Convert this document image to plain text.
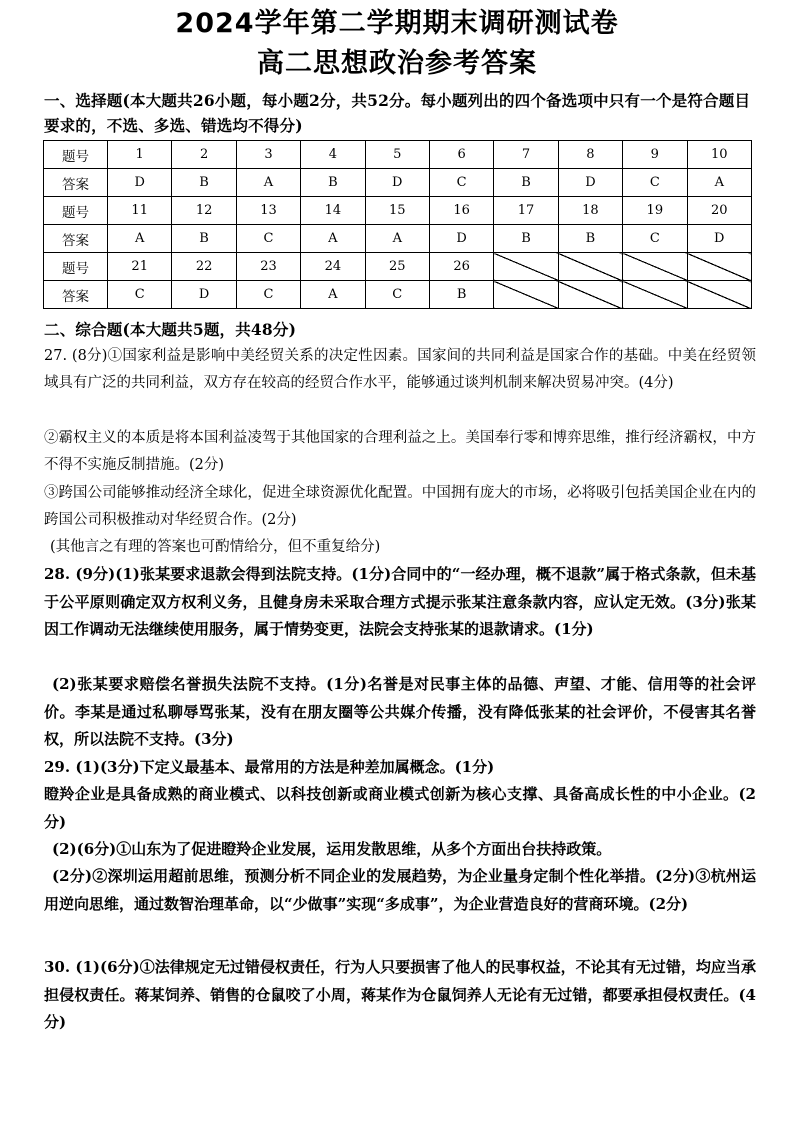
2024学年第二学期期末调研测试卷
高二思想政治参考答案
一、选择题(本大题共26小题，每小题2分，共52分。每小题列出的四个备选项中只有一个是符合题目要求的，不选、多选、错选均不得分)
题号	1	2	3	4	5	6	7	8	9	10
答案	D	B	A	B	D	C	B	D	C	A
题号	11	12	13	14	15	16	17	18	19	20
答案	A	B	C	A	A	D	B	B	C	D
题号	21	22	23	24	25	26				
答案	C	D	C	A	C	B				
二、综合题(本大题共5题，共48分)
27. (8分)①国家利益是影响中美经贸关系的决定性因素。国家间的共同利益是国家合作的基础。中美在经贸领域具有广泛的共同利益，双方存在较高的经贸合作水平，能够通过谈判机制来解决贸易冲突。(4分)
②霸权主义的本质是将本国利益凌驾于其他国家的合理利益之上。美国奉行零和博弈思维，推行经济霸权，中方不得不实施反制措施。(2分)
③跨国公司能够推动经济全球化，促进全球资源优化配置。中国拥有庞大的市场，必将吸引包括美国企业在内的跨国公司积极推动对华经贸合作。(2分)
(其他言之有理的答案也可酌情给分，但不重复给分)
28. (9分)(1)张某要求退款会得到法院支持。(1分)合同中的“一经办理，概不退款”属于格式条款，但未基于公平原则确定双方权利义务，且健身房未采取合理方式提示张某注意条款内容，应认定无效。(3分)张某因工作调动无法继续使用服务，属于情势变更，法院会支持张某的退款请求。(1分)
(2)张某要求赔偿名誉损失法院不支持。(1分)名誉是对民事主体的品德、声望、才能、信用等的社会评价。李某是通过私聊辱骂张某，没有在朋友圈等公共媒介传播，没有降低张某的社会评价，不侵害其名誉权，所以法院不支持。(3分)
29. (1)(3分)下定义最基本、最常用的方法是种差加属概念。(1分)
瞪羚企业是具备成熟的商业模式、以科技创新或商业模式创新为核心支撑、具备高成长性的中小企业。(2分)
(2)(6分)①山东为了促进瞪羚企业发展，运用发散思维，从多个方面出台扶持政策。
(2分)②深圳运用超前思维，预测分析不同企业的发展趋势，为企业量身定制个性化举措。(2分)③杭州运用逆向思维，通过数智治理革命，以“少做事”实现“多成事”，为企业营造良好的营商环境。(2分)
30. (1)(6分)①法律规定无过错侵权责任，行为人只要损害了他人的民事权益，不论其有无过错，均应当承担侵权责任。蒋某饲养、销售的仓鼠咬了小周，蒋某作为仓鼠饲养人无论有无过错，都要承担侵权责任。(4分)
